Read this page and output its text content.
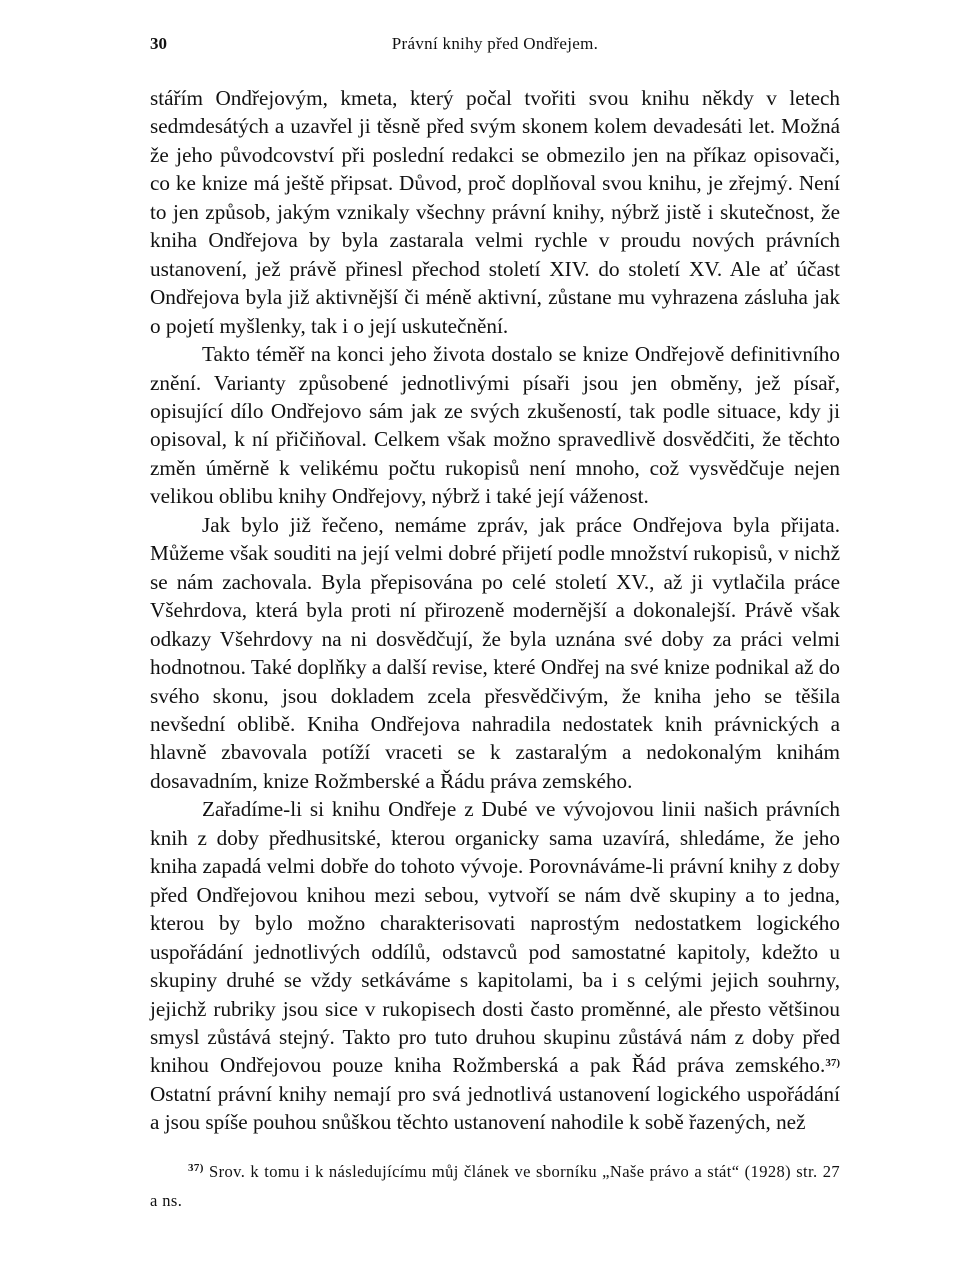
30	Právní knihy před Ondřejem.

stářím Ondřejovým, kmeta, který počal tvořiti svou knihu někdy v letech sedmdesátých a uzavřel ji těsně před svým skonem kolem devadesáti let. Možná že jeho původcovství při poslední redakci se obmezilo jen na příkaz opisovači, co ke knize má ještě připsat. Důvod, proč doplňoval svou knihu, je zřejmý. Není to jen způsob, jakým vznikaly všechny právní knihy, nýbrž jistě i skutečnost, že kniha Ondřejova by byla zastarala velmi rychle v proudu nových právních ustanovení, jež právě přinesl přechod století XIV. do století XV. Ale ať účast Ondřejova byla již aktivnější či méně aktivní, zůstane mu vyhrazena zásluha jak o pojetí myšlenky, tak i o její uskutečnění.

Takto téměř na konci jeho života dostalo se knize Ondřejově definitivního znění. Varianty způsobené jednotlivými písaři jsou jen obměny, jež písař, opisující dílo Ondřejovo sám jak ze svých zkušeností, tak podle situace, kdy ji opisoval, k ní přičiňoval. Celkem však možno spravedlivě dosvědčiti, že těchto změn úměrně k velikému počtu rukopisů není mnoho, což vysvědčuje nejen velikou oblibu knihy Ondřejovy, nýbrž i také její váženost.

Jak bylo již řečeno, nemáme zpráv, jak práce Ondřejova byla přijata. Můžeme však souditi na její velmi dobré přijetí podle množství rukopisů, v nichž se nám zachovala. Byla přepisována po celé století XV., až ji vytlačila práce Všehrdova, která byla proti ní přirozeně modernější a dokonalejší. Právě však odkazy Všehrdovy na ni dosvědčují, že byla uznána své doby za práci velmi hodnotnou. Také doplňky a další revise, které Ondřej na své knize podnikal až do svého skonu, jsou dokladem zcela přesvědčivým, že kniha jeho se těšila nevšední oblibě. Kniha Ondřejova nahradila nedostatek knih právnických a hlavně zbavovala potíží vraceti se k zastaralým a nedokonalým knihám dosavadním, knize Rožmberské a Řádu práva zemského.

Zařadíme-li si knihu Ondřeje z Dubé ve vývojovou linii našich právních knih z doby předhusitské, kterou organicky sama uzavírá, shledáme, že jeho kniha zapadá velmi dobře do tohoto vývoje. Porovnáváme-li právní knihy z doby před Ondřejovou knihou mezi sebou, vytvoří se nám dvě skupiny a to jedna, kterou by bylo možno charakterisovati naprostým nedostatkem logického uspořádání jednotlivých oddílů, odstavců pod samostatné kapitoly, kdežto u skupiny druhé se vždy setkáváme s kapitolami, ba i s celými jejich souhrny, jejichž rubriky jsou sice v rukopisech dosti často proměnné, ale přesto většinou smysl zůstává stejný. Takto pro tuto druhou skupinu zůstává nám z doby před knihou Ondřejovou pouze kniha Rožmberská a pak Řád práva zemského.$^{37)}$ Ostatní právní knihy nemají pro svá jednotlivá ustanovení logického uspořádání a jsou spíše pouhou snůškou těchto ustanovení nahodile k sobě řazených, než

$^{37)}$ Srov. k tomu i k následujícímu můj článek ve sborníku „Naše právo a stát“ (1928) str. 27 a ns.
